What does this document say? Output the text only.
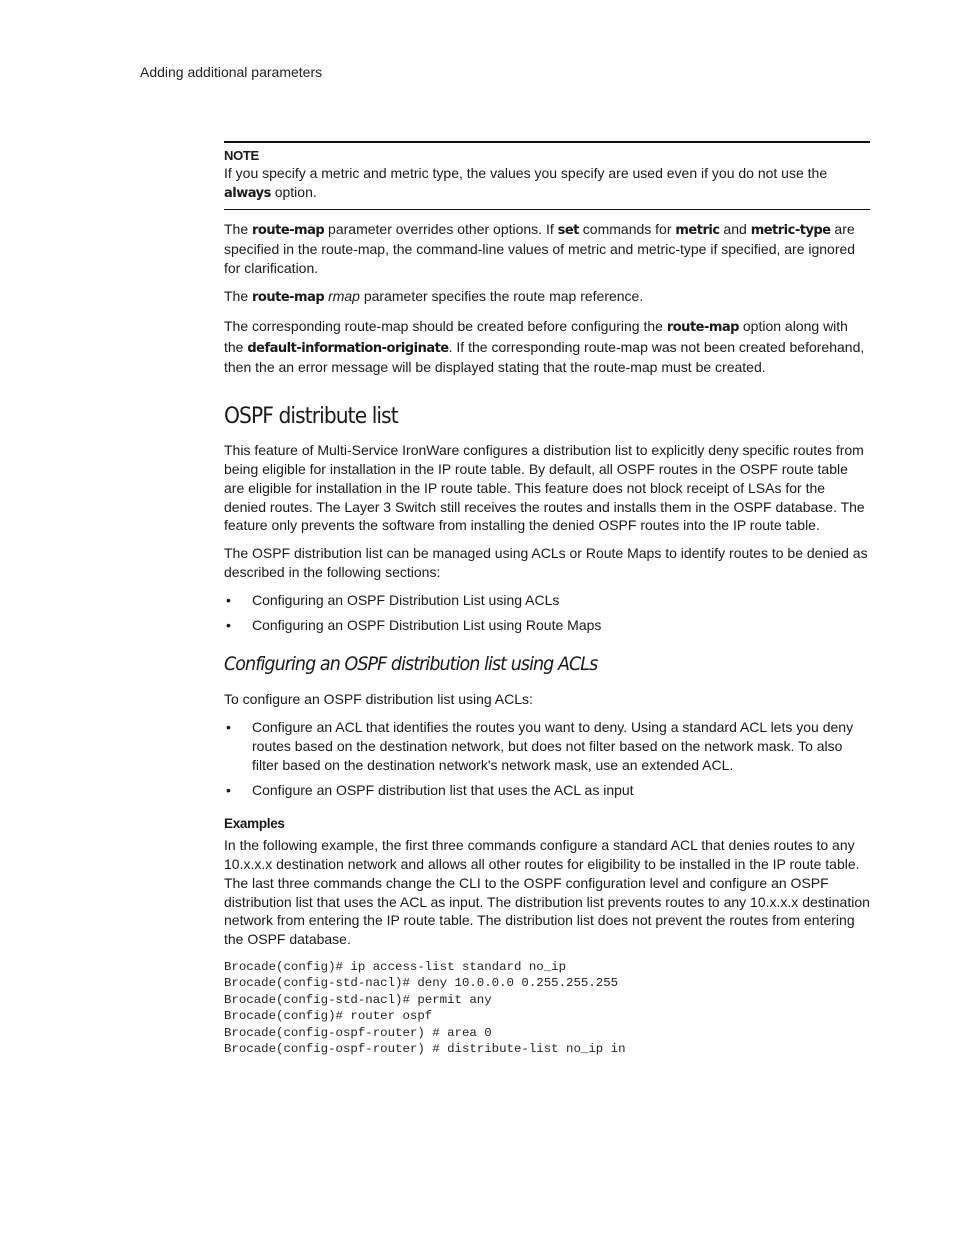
Adding additional parameters
NOTE
If you specify a metric and metric type, the values you specify are used even if you do not use the always option.

The route-map parameter overrides other options. If set commands for metric and metric-type are specified in the route-map, the command-line values of metric and metric-type if specified, are ignored for clarification.

The route-map rmap parameter specifies the route map reference.

The corresponding route-map should be created before configuring the route-map option along with the default-information-originate. If the corresponding route-map was not been created beforehand, then the an error message will be displayed stating that the route-map must be created.

OSPF distribute list

This feature of Multi-Service IronWare configures a distribution list to explicitly deny specific routes from being eligible for installation in the IP route table. By default, all OSPF routes in the OSPF route table are eligible for installation in the IP route table. This feature does not block receipt of LSAs for the denied routes. The Layer 3 Switch still receives the routes and installs them in the OSPF database. The feature only prevents the software from installing the denied OSPF routes into the IP route table.

The OSPF distribution list can be managed using ACLs or Route Maps to identify routes to be denied as described in the following sections:

• Configuring an OSPF Distribution List using ACLs
• Configuring an OSPF Distribution List using Route Maps
Configuring an OSPF distribution list using ACLs

To configure an OSPF distribution list using ACLs:

• Configure an ACL that identifies the routes you want to deny. Using a standard ACL lets you deny routes based on the destination network, but does not filter based on the network mask. To also filter based on the destination network's network mask, use an extended ACL.
• Configure an OSPF distribution list that uses the ACL as input
Examples

In the following example, the first three commands configure a standard ACL that denies routes to any 10.x.x.x destination network and allows all other routes for eligibility to be installed in the IP route table. The last three commands change the CLI to the OSPF configuration level and configure an OSPF distribution list that uses the ACL as input. The distribution list prevents routes to any 10.x.x.x destination network from entering the IP route table. The distribution list does not prevent the routes from entering the OSPF database.

Brocade(config)# ip access-list standard no_ip
Brocade(config-std-nacl)# deny 10.0.0.0 0.255.255.255
Brocade(config-std-nacl)# permit any
Brocade(config)# router ospf
Brocade(config-ospf-router) # area 0
Brocade(config-ospf-router) # distribute-list no_ip in
